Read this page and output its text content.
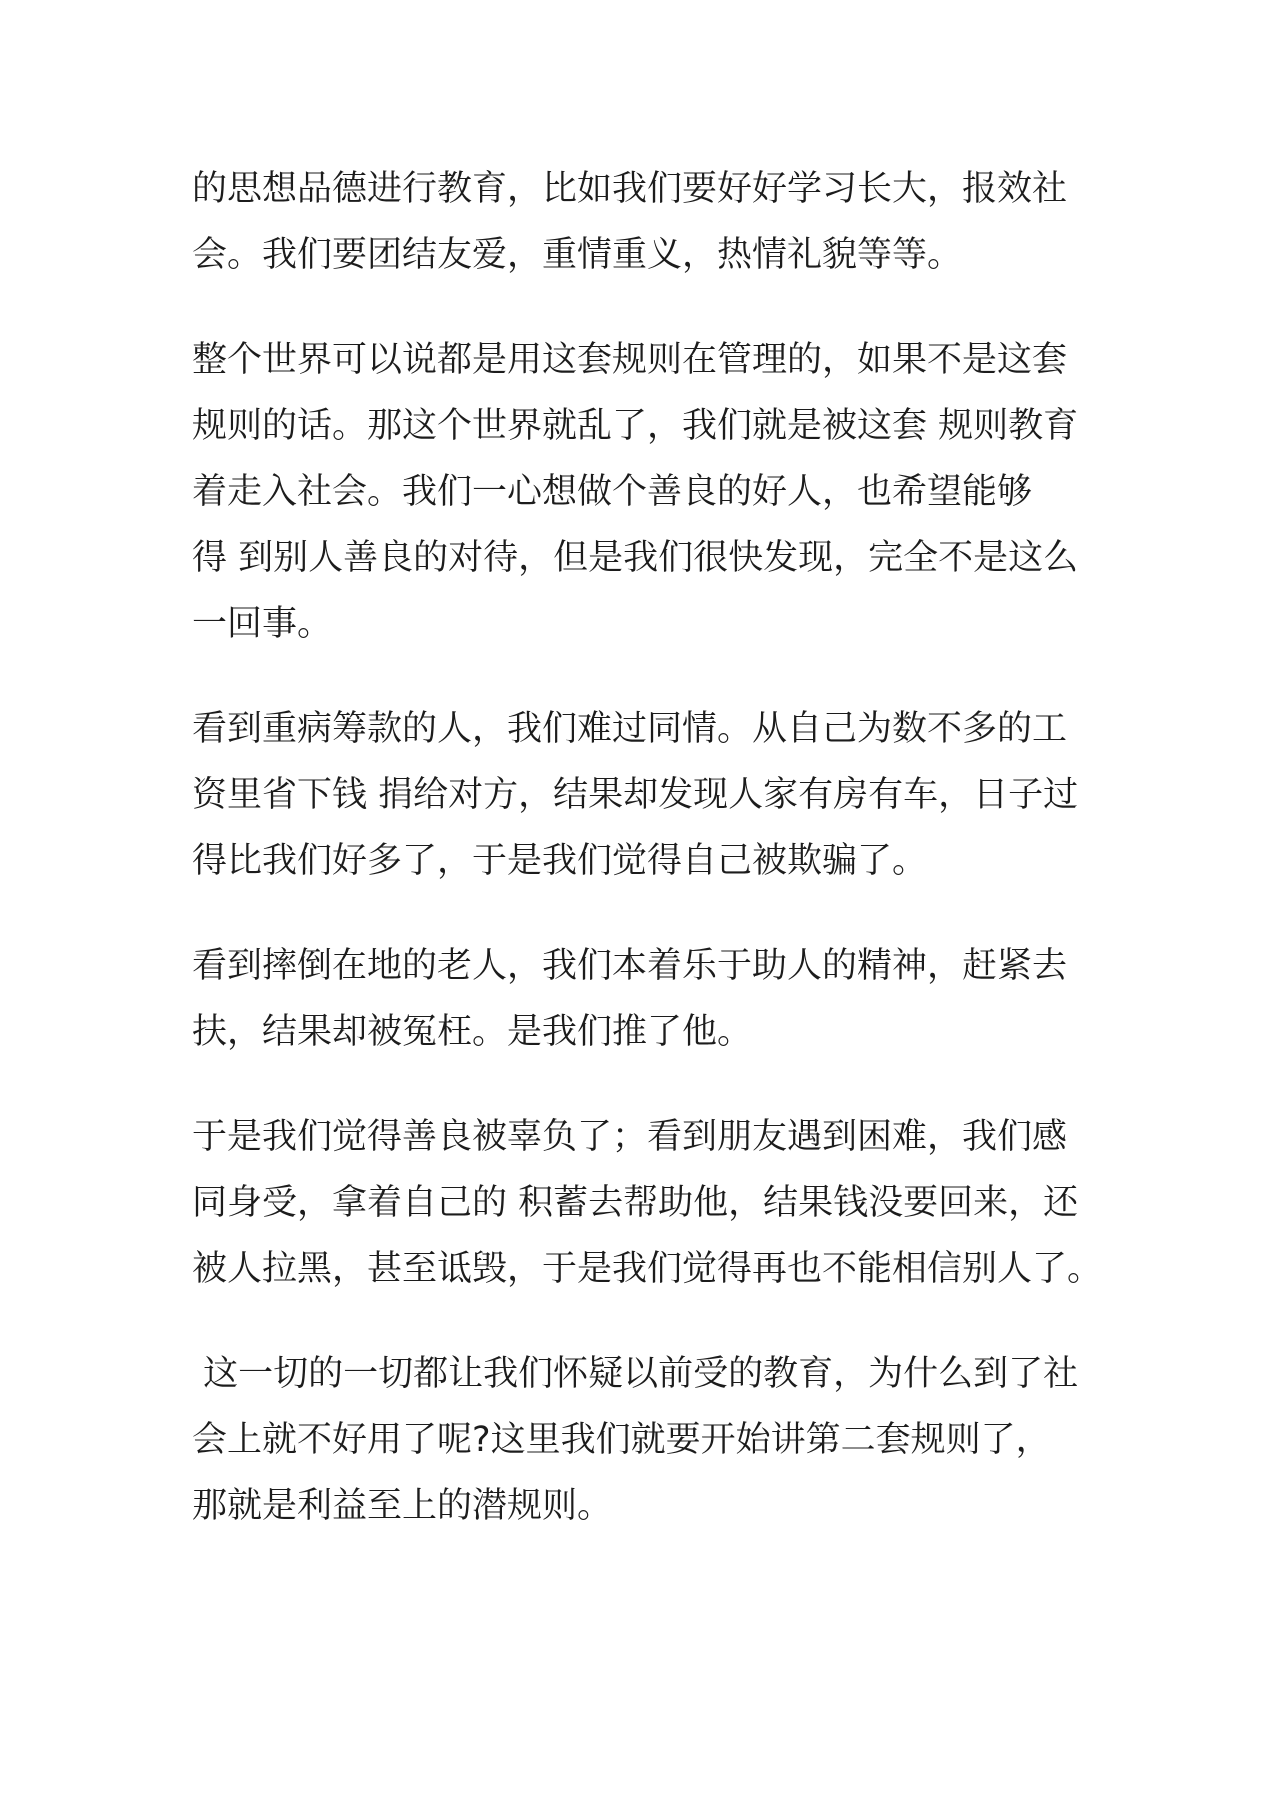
的思想品德进行教育，比如我们要好好学习长大，报效社
会。我们要团结友爱，重情重义，热情礼貌等等。

整个世界可以说都是用这套规则在管理的，如果不是这套
规则的话。那这个世界就乱了，我们就是被这套 规则教育
着走入社会。我们一心想做个善良的好人，也希望能够
得 到别人善良的对待，但是我们很快发现，完全不是这么
一回事。

看到重病筹款的人，我们难过同情。从自己为数不多的工
资里省下钱 捐给对方，结果却发现人家有房有车，日子过
得比我们好多了，于是我们觉得自己被欺骗了。

看到摔倒在地的老人，我们本着乐于助人的精神，赶紧去
扶，结果却被冤枉。是我们推了他。

于是我们觉得善良被辜负了；看到朋友遇到困难，我们感
同身受，拿着自己的 积蓄去帮助他，结果钱没要回来，还
被人拉黑，甚至诋毁，于是我们觉得再也不能相信别人了。

这一切的一切都让我们怀疑以前受的教育，为什么到了社
会上就不好用了呢?这里我们就要开始讲第二套规则了，
那就是利益至上的潜规则。
